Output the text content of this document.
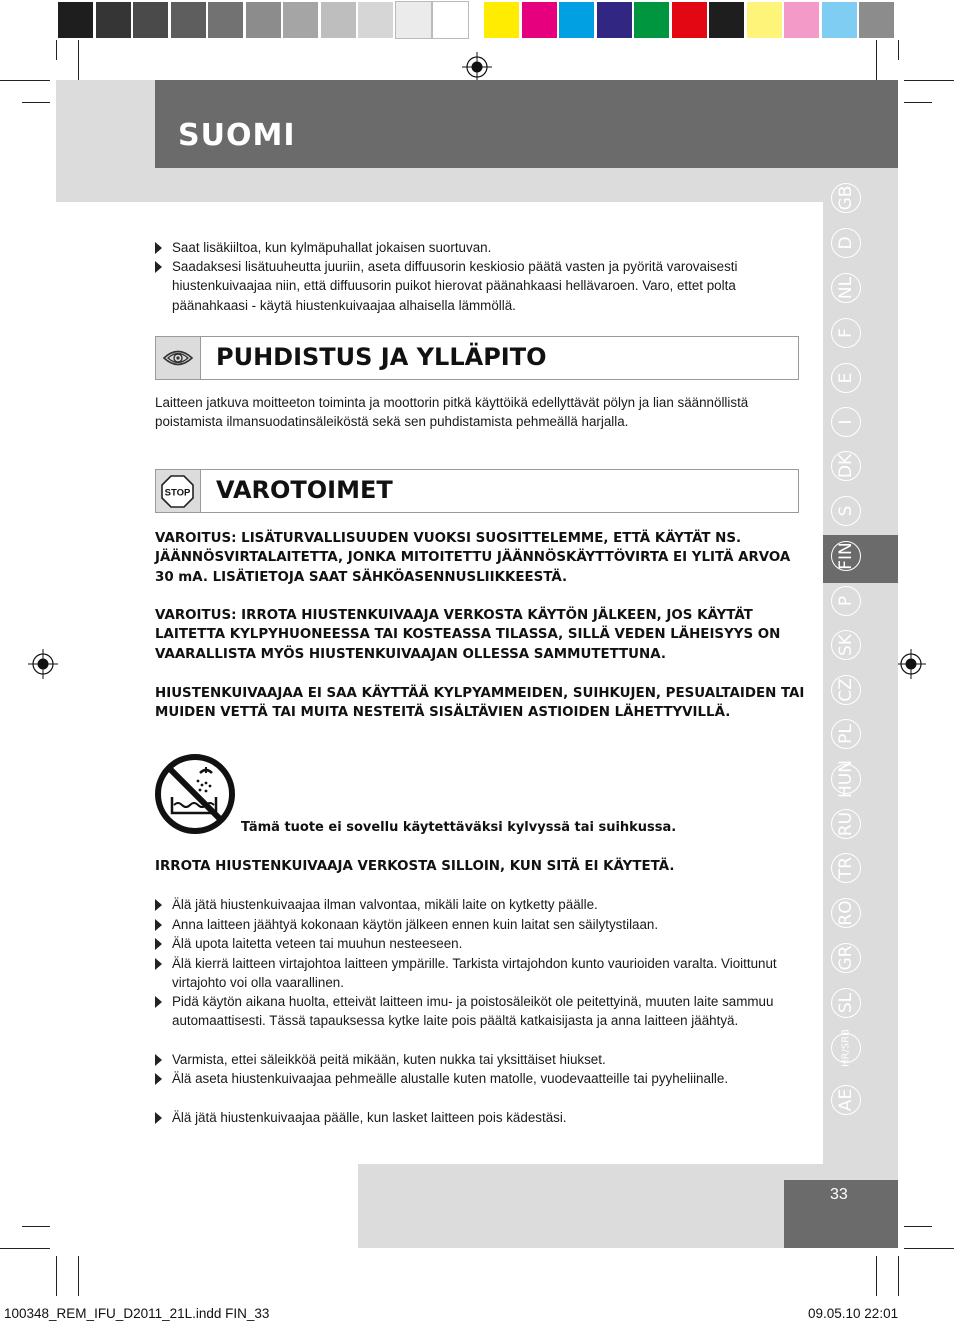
SUOMI
GB
D
NL
F
E
I
DK
S
FIN
P
SK
CZ
PL
HUN
RU
TR
RO
GR
SL
HR/SRB
AE
33
Saat lisäkiiltoa, kun kylmäpuhallat jokaisen suortuvan.
Saadaksesi lisätuuheutta juuriin, aseta diffuusorin keskiosio päätä vasten ja pyöritä varovaisesti hiustenkuivaajaa niin, että diffuusorin puikot hierovat päänahkaasi hellävaroen. Varo, ettet polta päänahkaasi - käytä hiustenkuivaajaa alhaisella lämmöllä.
PUHDISTUS JA YLLÄPITO
Laitteen jatkuva moitteeton toiminta ja moottorin pitkä käyttöikä edellyttävät pölyn ja lian säännöllistä poistamista ilmansuodatinsäleiköstä sekä sen puhdistamista pehmeällä harjalla.
STOP VAROTOIMET
VAROITUS: LISÄTURVALLISUUDEN VUOKSI SUOSITTELEMME, ETTÄ KÄYTÄT NS. JÄÄNNÖSVIRTALAITETTA, JONKA MITOITETTU JÄÄNNÖSKÄYTTÖVIRTA EI YLITÄ ARVOA 30 mA. LISÄTIETOJA SAAT SÄHKÖASENNUSLIIKKEESTÄ.
VAROITUS: IRROTA HIUSTENKUIVAAJA VERKOSTA KÄYTÖN JÄLKEEN, JOS KÄYTÄT LAITETTA KYLPYHUONEESSA TAI KOSTEASSA TILASSA, SILLÄ VEDEN LÄHEISYYS ON VAARALLISTA MYÖS HIUSTENKUIVAAJAN OLLESSA SAMMUTETTUNA.
HIUSTENKUIVAAJAA EI SAA KÄYTTÄÄ KYLPYAMMEIDEN, SUIHKUJEN, PESUALTAIDEN TAI MUIDEN VETTÄ TAI MUITA NESTEITÄ SISÄLTÄVIEN ASTIOIDEN LÄHETTYVILLÄ.
Tämä tuote ei sovellu käytettäväksi kylvyssä tai suihkussa.
IRROTA HIUSTENKUIVAAJA VERKOSTA SILLOIN, KUN SITÄ EI KÄYTETÄ.
Älä jätä hiustenkuivaajaa ilman valvontaa, mikäli laite on kytketty päälle.
Anna laitteen jäähtyä kokonaan käytön jälkeen ennen kuin laitat sen säilytystilaan.
Älä upota laitetta veteen tai muuhun nesteeseen.
Älä kierrä laitteen virtajohtoa laitteen ympärille. Tarkista virtajohdon kunto vaurioiden varalta. Vioittunut virtajohto voi olla vaarallinen.
Pidä käytön aikana huolta, etteivät laitteen imu- ja poistosäleiköt ole peitettyinä, muuten laite sammuu automaattisesti. Tässä tapauksessa kytke laite pois päältä katkaisijasta ja anna laitteen jäähtyä.
Varmista, ettei säleikköä peitä mikään, kuten nukka tai yksittäiset hiukset.
Älä aseta hiustenkuivaajaa pehmeälle alustalle kuten matolle, vuodevaatteille tai pyyheliinalle.
Älä jätä hiustenkuivaajaa päälle, kun lasket laitteen pois kädestäsi.
100348_REM_IFU_D2011_21L.indd FIN_33	09.05.10 22:01
